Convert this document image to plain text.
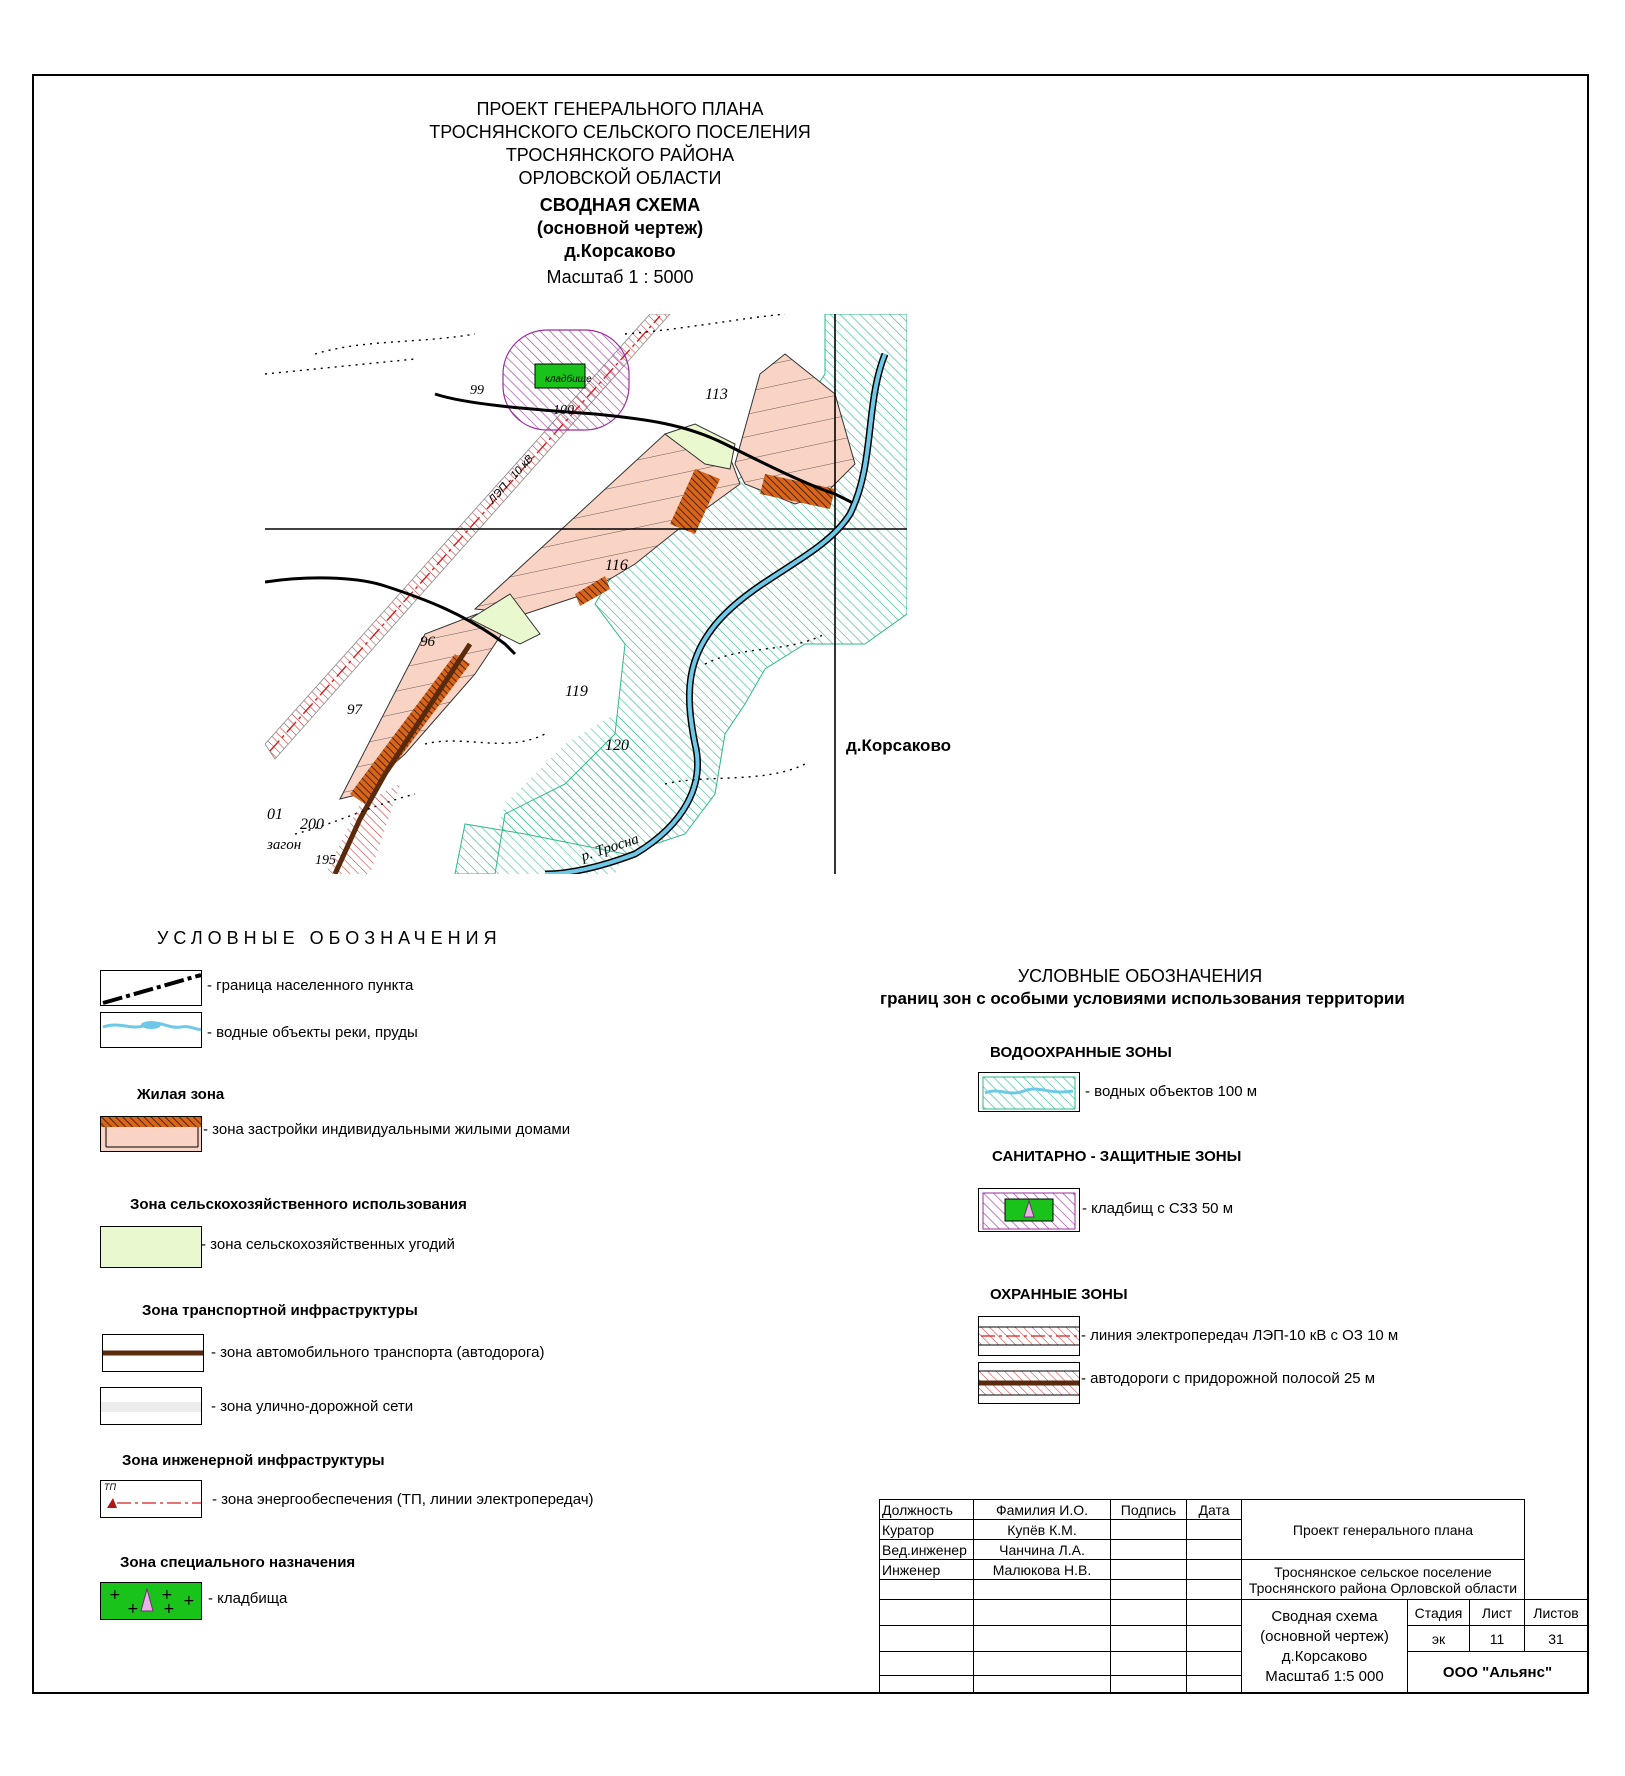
ПРОЕКТ ГЕНЕРАЛЬНОГО ПЛАНА
ТРОСНЯНСКОГО СЕЛЬСКОГО ПОСЕЛЕНИЯ
ТРОСНЯНСКОГО РАЙОНА
ОРЛОВСКОЙ ОБЛАСТИ
СВОДНАЯ СХЕМА
(основной чертеж)
д.Корсаково
Масштаб 1 : 5000
кладбище
ЛЭП - 10 кВ
113
116
119
120
96
97
195
200
01
99
100
загон	р. Тросна
д.Корсаково
УСЛОВНЫЕ ОБОЗНАЧЕНИЯ
- граница населенного пункта
- водные объекты реки, пруды
Жилая зона
- зона застройки индивидуальными жилыми домами
Зона сельскохозяйственного использования
- зона сельскохозяйственных угодий
Зона транспортной инфраструктуры
- зона автомобильного транспорта (автодорога)
- зона улично-дорожной сети
Зона инженерной инфраструктуры
ТП
- зона энергообеспечения (ТП, линии электропередач)
Зона специального назначения
+
+
+
+ + - кладбища
УСЛОВНЫЕ ОБОЗНАЧЕНИЯ
границ зон с особыми условиями использования территории
ВОДООХРАННЫЕ ЗОНЫ
- водных объектов 100 м
САНИТАРНО - ЗАЩИТНЫЕ ЗОНЫ
- кладбищ с СЗЗ 50 м
ОХРАННЫЕ ЗОНЫ
- линия электропередач ЛЭП-10 кВ с ОЗ 10 м
- автодороги с придорожной полосой 25 м
Должность	Фамилия И.О.	Подпись	Дата	Проект генерального плана			
Куратор	Купёв К.М.						
Вед.инженер	Чанчина Л.А.						
Инженер	Малюкова Н.В.			Троснянское сельское поселение
Троснянского района Орловской области			

				Сводная схема
(основной чертеж)
д.Корсаково
Масштаб 1:5 000	Стадия	Лист	Листов
					эк	11	31
					ООО "Альянс"		
